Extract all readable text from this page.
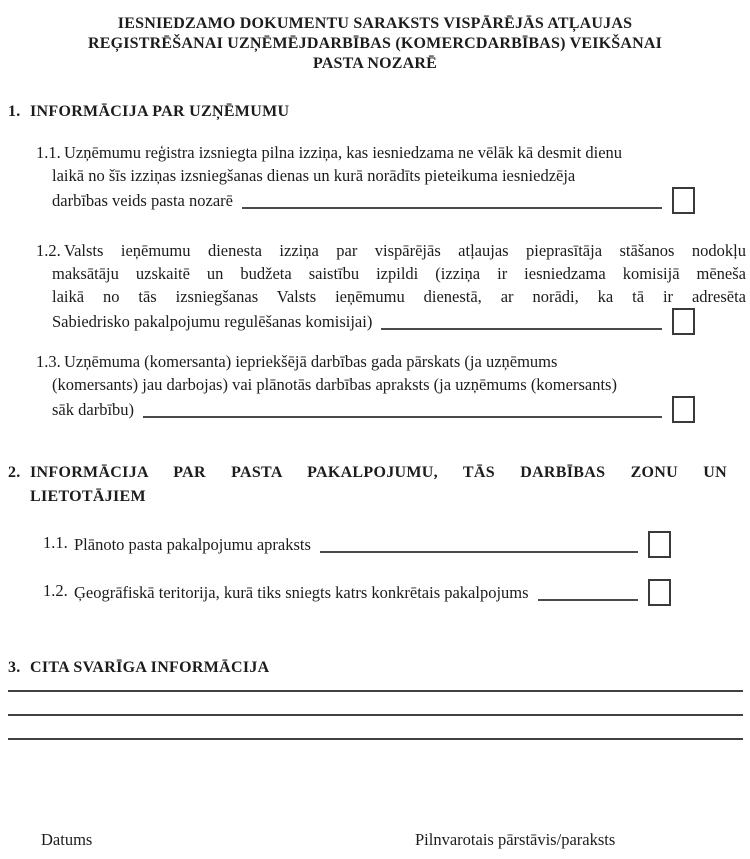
IESNIEDZAMO DOKUMENTU SARAKSTS VISPĀRĒJĀS ATĻAUJAS
REĢISTRĒŠANAI UZŅĒMĒJDARBĪBAS (KOMERCDARBĪBAS) VEIKŠANAI
PASTA NOZARĒ
1. INFORMĀCIJA PAR UZŅĒMUMU
1.1. Uzņēmumu reģistra izsniegta pilna izziņa, kas iesniedzama ne vēlāk kā desmit dienu
laikā no šīs izziņas izsniegšanas dienas un kurā norādīts pieteikuma iesniedzēja
darbības veids pasta nozarē
1.2. Valsts ieņēmumu dienesta izziņa par vispārējās atļaujas pieprasītāja stāšanos nodokļu
maksātāju uzskaitē un budžeta saistību izpildi (izziņa ir iesniedzama komisijā mēneša
laikā no tās izsniegšanas Valsts ieņēmumu dienestā, ar norādi, ka tā ir adresēta
Sabiedrisko pakalpojumu regulēšanas komisijai)
1.3. Uzņēmuma (komersanta) iepriekšējā darbības gada pārskats (ja uzņēmums
(komersants) jau darbojas) vai plānotās darbības apraksts (ja uzņēmums (komersants)
sāk darbību)
2. INFORMĀCIJA PAR PASTA PAKALPOJUMU, TĀS DARBĪBAS ZONU UN
LIETOTĀJIEM
1.1. Plānoto pasta pakalpojumu apraksts
1.2. Ģeogrāfiskā teritorija, kurā tiks sniegts katrs konkrētais pakalpojums
3. CITA SVARĪGA INFORMĀCIJA
Datums	Pilnvarotais pārstāvis/paraksts
